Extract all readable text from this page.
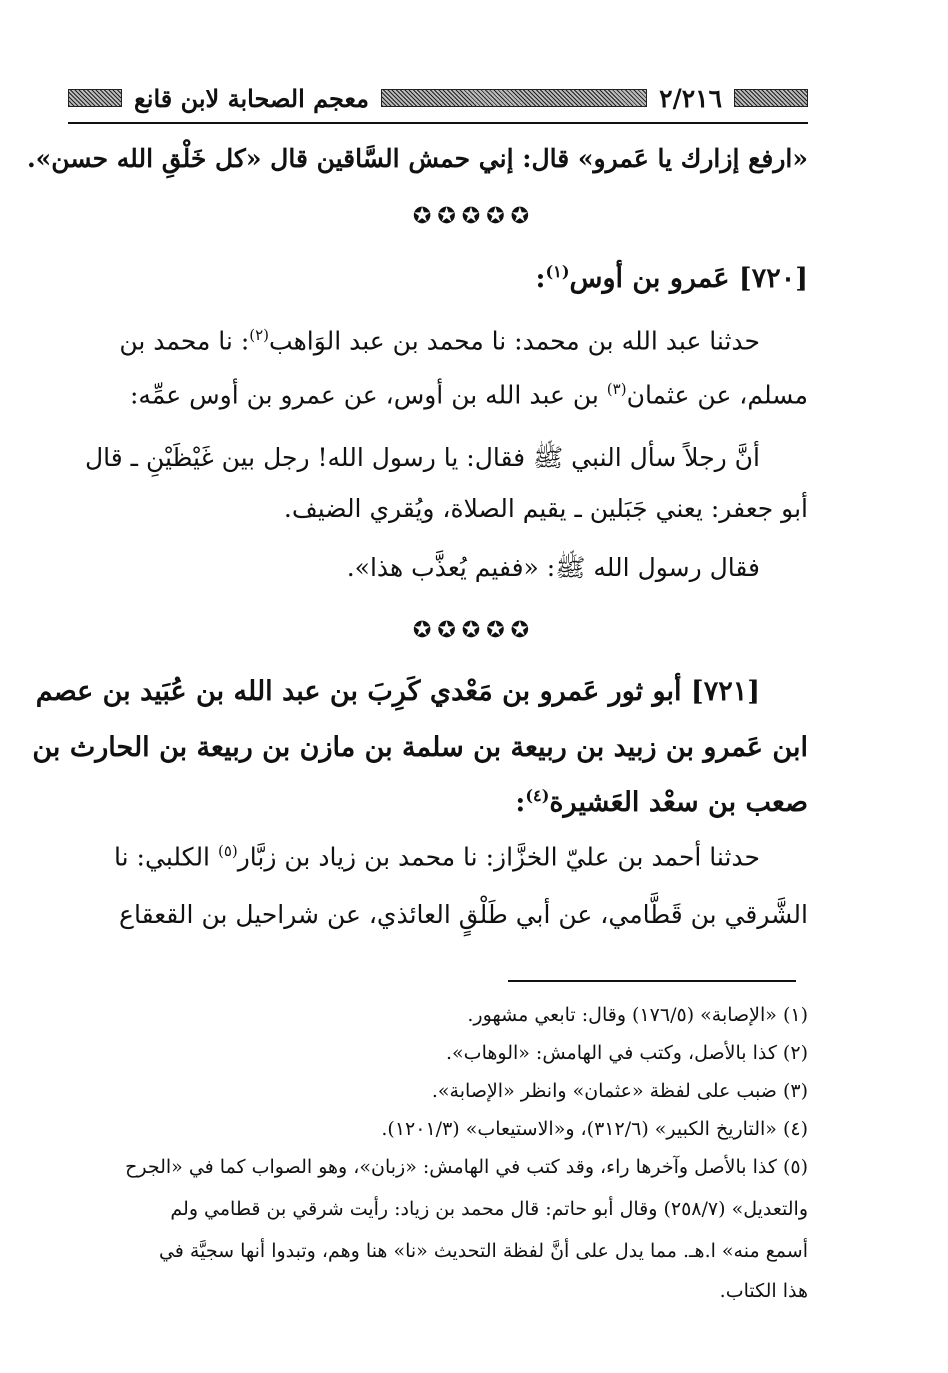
٢/٢١٦
معجم الصحابة لابن قانع
«ارفع إزارك يا عَمرو» قال: إني حمش السَّاقين قال «كل خَلْقِ الله حسن».
✪✪✪✪✪
[٧٢٠] عَمرو بن أوس$^{(١)}$:
حدثنا عبد الله بن محمد: نا محمد بن عبد الوَاهب$^{(٢)}$: نا محمد بن
مسلم، عن عثمان$^{(٣)}$ بن عبد الله بن أوس، عن عمرو بن أوس عمِّه:
أنَّ رجلاً سأل النبي ﷺ فقال: يا رسول الله! رجل بين غَيْظَيْنِ ـ قال
أبو جعفر: يعني جَبَلين ـ يقيم الصلاة، ويُقري الضيف.
فقال رسول الله ﷺ: «ففيم يُعذَّب هذا».
✪✪✪✪✪
[٧٢١] أبو ثور عَمرو بن مَعْدي كَرِبَ بن عبد الله بن عُبَيد بن عصم
ابن عَمرو بن زبيد بن ربيعة بن سلمة بن مازن بن ربيعة بن الحارث بن
صعب بن سعْد العَشيرة$^{(٤)}$:
حدثنا أحمد بن عليّ الخزَّاز: نا محمد بن زياد بن زبَّار$^{(٥)}$ الكلبي: نا
الشَّرقي بن قَطَّامي، عن أبي طَلْقٍ العائذي، عن شراحيل بن القعقاع
(١) «الإصابة» (١٧٦/٥) وقال: تابعي مشهور.
(٢) كذا بالأصل، وكتب في الهامش: «الوهاب».
(٣) ضبب على لفظة «عثمان» وانظر «الإصابة».
(٤) «التاريخ الكبير» (٣١٢/٦)، و«الاستيعاب» (١٢٠١/٣).
(٥) كذا بالأصل وآخرها راء، وقد كتب في الهامش: «زبان»، وهو الصواب كما في «الجرح
والتعديل» (٢٥٨/٧) وقال أبو حاتم: قال محمد بن زياد: رأيت شرقي بن قطامي ولم
أسمع منه» ا.هـ. مما يدل على أنَّ لفظة التحديث «نا» هنا وهم، وتبدوا أنها سجيَّة في
هذا الكتاب.
